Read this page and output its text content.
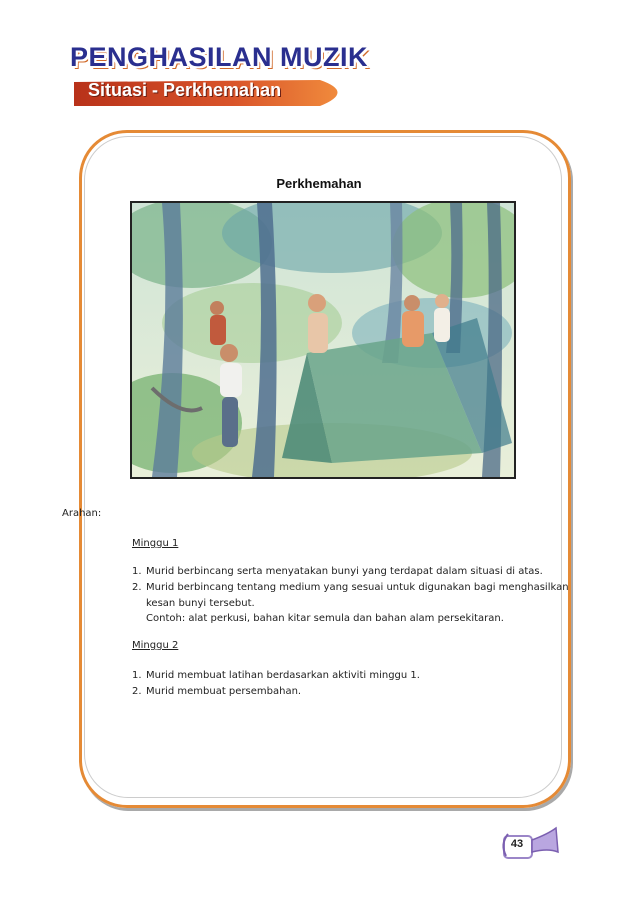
PENGHASILAN MUZIK
Situasi - Perkhemahan
Perkhemahan

Arahan:

Minggu 1

1. Murid berbincang serta menyatakan bunyi yang terdapat dalam situasi di atas.

2. Murid berbincang tentang medium yang sesuai untuk digunakan bagi menghasilkan

kesan bunyi tersebut.

Contoh: alat perkusi, bahan kitar semula dan bahan alam persekitaran.

Minggu 2

1. Murid membuat latihan berdasarkan aktiviti minggu 1.

2. Murid membuat persembahan.

43
